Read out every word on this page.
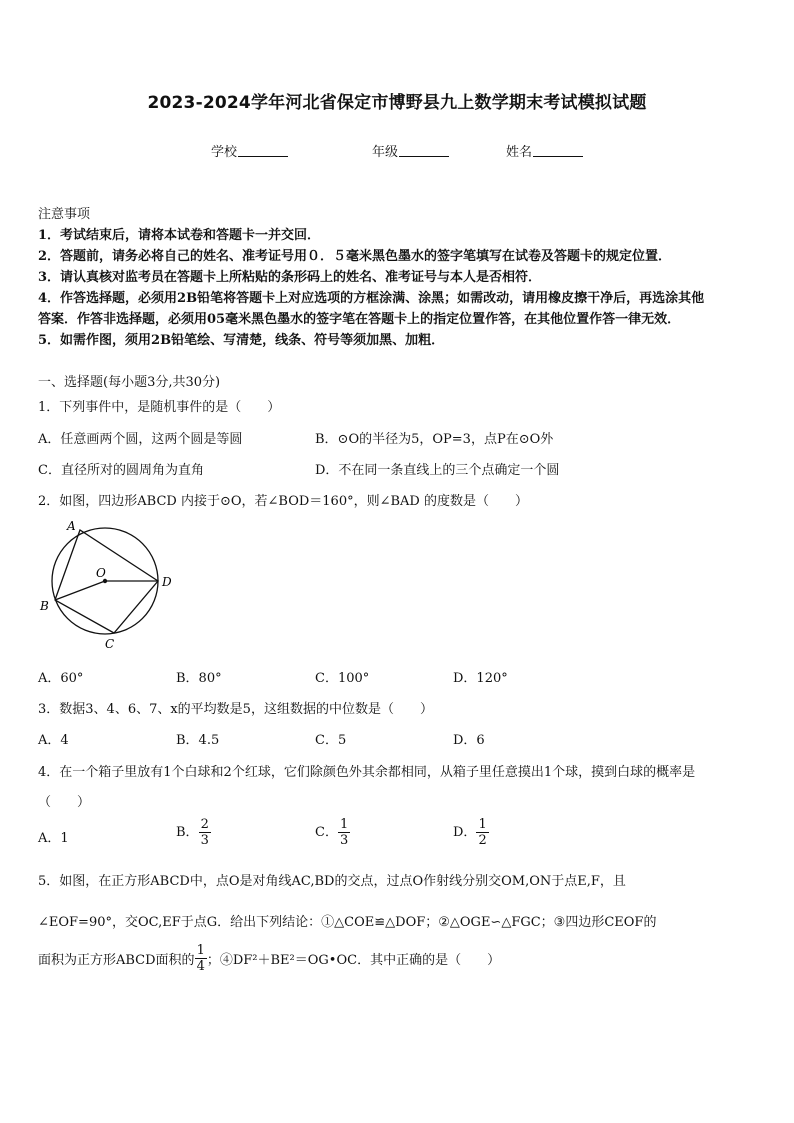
2023-2024学年河北省保定市博野县九上数学期末考试模拟试题
学校	年级	姓名
注意事项
1．考试结束后，请将本试卷和答题卡一并交回．
2．答题前，请务必将自己的姓名、准考证号用０．５毫米黑色墨水的签字笔填写在试卷及答题卡的规定位置．
3．请认真核对监考员在答题卡上所粘贴的条形码上的姓名、准考证号与本人是否相符．
4．作答选择题，必须用2B铅笔将答题卡上对应选项的方框涂满、涂黑；如需改动，请用橡皮擦干净后，再选涂其他
答案．作答非选择题，必须用05毫米黑色墨水的签字笔在答题卡上的指定位置作答，在其他位置作答一律无效．
5．如需作图，须用2B铅笔绘、写清楚，线条、符号等须加黑、加粗．
一、选择题(每小题3分,共30分)
1．下列事件中，是随机事件的是（　　）
A．任意画两个圆，这两个圆是等圆	B．⊙O的半径为5，OP=3，点P在⊙O外
C．直径所对的圆周角为直角	D．不在同一条直线上的三个点确定一个圆
2．如图，四边形ABCD 内接于⊙O，若∠BOD＝160°，则∠BAD 的度数是（　　）
A
B
C
D
O
A．60°	B．80°	C．100°	D．120°
3．数据3、4、6、7、x的平均数是5，这组数据的中位数是（　　）
A．4	B．4.5	C．5	D．6
4．在一个箱子里放有1个白球和2个红球，它们除颜色外其余都相同，从箱子里任意摸出1个球，摸到白球的概率是
（　　）
A．1	B． $\frac{2}{3}$	C． $\frac{1}{3}$	D． $\frac{1}{2}$
5．如图，在正方形ABCD中，点O是对角线AC,BD的交点，过点O作射线分别交OM,ON于点E,F，且
∠EOF=90°，交OC,EF于点G．给出下列结论：①△COE≌△DOF；②△OGE∽△FGC；③四边形CEOF的
面积为正方形ABCD面积的 $\frac{1}{4}$ ；④DF²＋BE²＝OG•OC．其中正确的是（　　）
